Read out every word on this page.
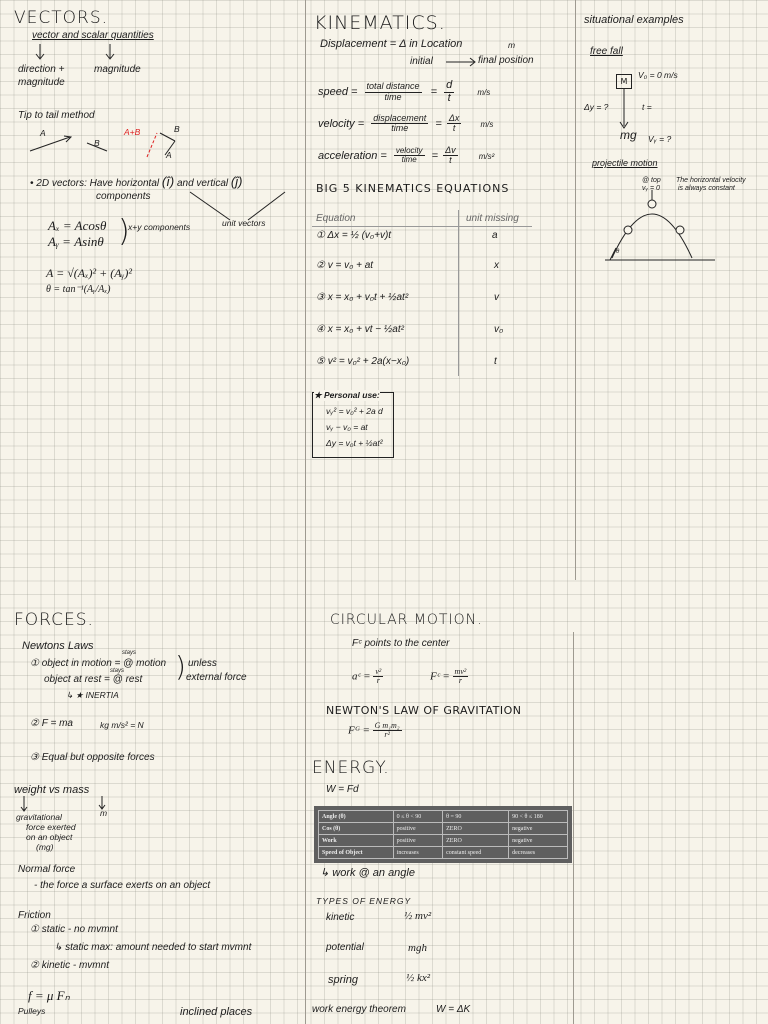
VECTORS.
vector and scalar quantities
direction +
magnitude
magnitude
Tip to tail method
A
B
A+B	B
A
• 2D vectors: Have horizontal (î) and vertical (ĵ)
components
Aₓ = Acosθ
Aᵧ = Asinθ )
x+y components	unit vectors
A = √(Aₓ)² + (Aᵧ)²
θ = tan⁻¹(Aᵧ/Aₓ)
KINEMATICS.
Displacement = Δ in Location	m
initial	final position
speed = $\frac{\text{total distance}}{\text{time}} = \frac{d}{t}$	m/s
velocity = $\frac{\text{displacement}}{\text{time}} = \frac{\Delta x}{t} m/s$
acceleration = $\frac{\text{velocity}}{\text{time}} = \frac{\Delta v}{t}$	m/s²
BIG 5 KINEMATICS EQUATIONS
Equation	unit missing
① Δx = ½ (v₀+v)t	a
② v = v₀ + at	x
③ x = x₀ + v₀t + ½at²	v
④ x = x₀ + vt − ½at²	v₀
⑤ v² = v₀² + 2a(x−x₀)	t
★ Personal use:
vᵧ² = v₀² + 2a d
vᵧ − v₀ = at
Δy = v₀t + ½at²
situational examples
free fall
M
V₀ = 0 m/s
Δy = ?	t =
mg Vᵧ = ?
projectile motion
@ top
vᵧ = 0
The horizontal velocity
is always constant
θ
FORCES.
Newtons Laws
stays
① object in motion = @ motion
stays
object at rest = @ rest ) unless
external force
↳ ★ INERTIA
② F = ma	kg m/s² = N
③ Equal but opposite forces
weight vs mass
m
gravitational
force exerted
on an object
(mg)
Normal force
- the force a surface exerts on an object
Friction
① static - no mvmnt
↳ static max: amount needed to start mvmnt
② kinetic - mvmnt
f = μ Fₙ
Pulleys	inclined places
CIRCULAR MOTION.
Fᶜ points to the center
aᶜ = $\frac{\text{v²}}{r}$	Fᶜ = $\frac{\text{mv²}}{r}$
NEWTON'S LAW OF GRAVITATION
Fᴳ = $\frac{\text{G m₁m₂}}{\text{r²}}$
ENERGY.
W = Fd
Angle (θ)	0 ≤ θ < 90	θ = 90	90 < θ ≤ 180
Cos (θ)	positive	ZERO	negative
Work	positive	ZERO	negative
Speed of Object	increases	constant speed	decreases
↳ work @ an angle
TYPES OF ENERGY
kinetic	½ mv²
potential	mgh
spring	½ kx²
work energy theorem	W = ΔK
